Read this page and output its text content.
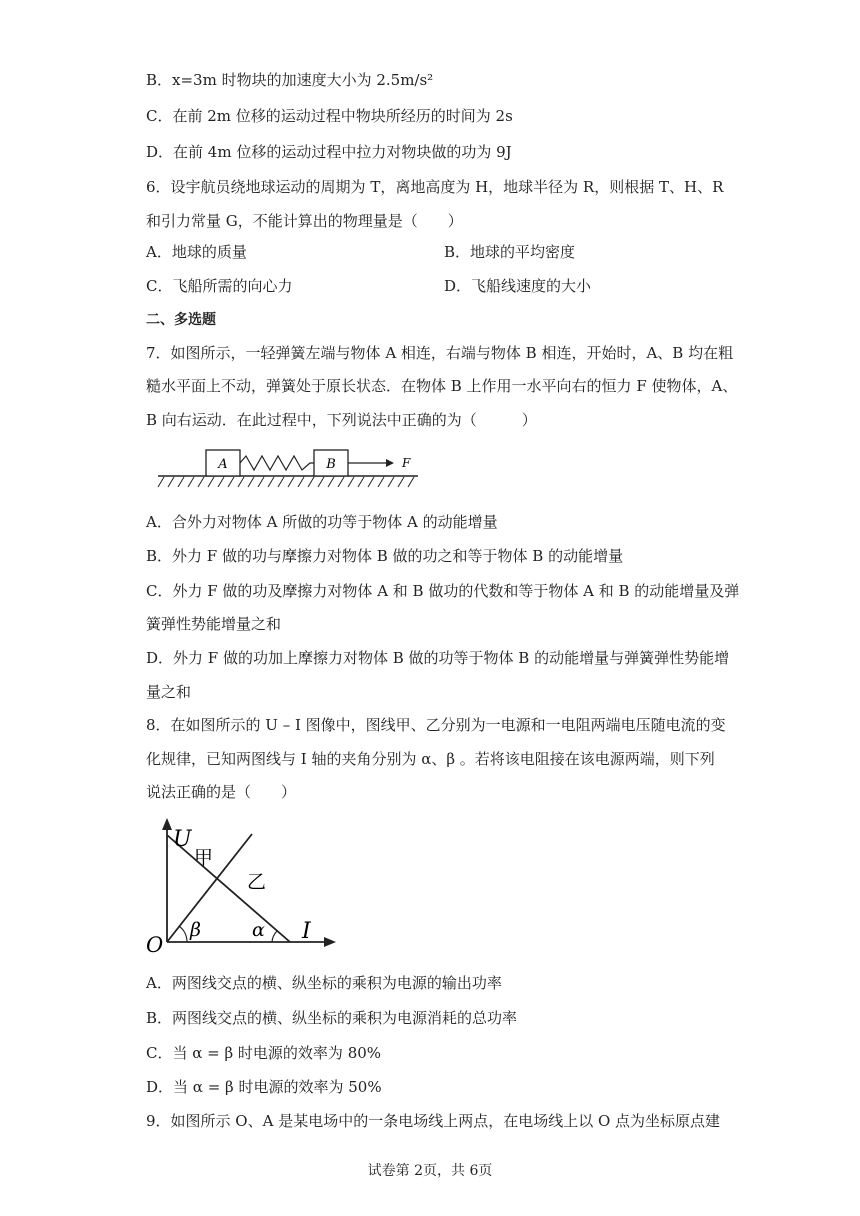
B．x=3m 时物块的加速度大小为 2.5m/s²
C．在前 2m 位移的运动过程中物块所经历的时间为 2s
D．在前 4m 位移的运动过程中拉力对物块做的功为 9J
6．设宇航员绕地球运动的周期为 T，离地高度为 H，地球半径为 R，则根据 T、H、R
和引力常量 G，不能计算出的物理量是（　　）
A．地球的质量	B．地球的平均密度
C．飞船所需的向心力	D．飞船线速度的大小
二、多选题
7．如图所示，一轻弹簧左端与物体 A 相连，右端与物体 B 相连，开始时，A、B 均在粗
糙水平面上不动，弹簧处于原长状态．在物体 B 上作用一水平向右的恒力 F 使物体，A、
B 向右运动．在此过程中，下列说法中正确的为（　　　）
A	B	F
A．合外力对物体 A 所做的功等于物体 A 的动能增量
B．外力 F 做的功与摩擦力对物体 B 做的功之和等于物体 B 的动能增量
C．外力 F 做的功及摩擦力对物体 A 和 B 做功的代数和等于物体 A 和 B 的动能增量及弹
簧弹性势能增量之和
D．外力 F 做的功加上摩擦力对物体 B 做的功等于物体 B 的动能增量与弹簧弹性势能增
量之和
8．在如图所示的 U – I 图像中，图线甲、乙分别为一电源和一电阻两端电压随电流的变
化规律，已知两图线与 I 轴的夹角分别为 α、β 。若将该电阻接在该电源两端，则下列
说法正确的是（　　）
U
甲
乙
β	α
O
I
A．两图线交点的横、纵坐标的乘积为电源的输出功率
B．两图线交点的横、纵坐标的乘积为电源消耗的总功率
C．当 α = β 时电源的效率为 80%
D．当 α = β 时电源的效率为 50%
9．如图所示 O、A 是某电场中的一条电场线上两点，在电场线上以 O 点为坐标原点建
试卷第 2页，共 6页
